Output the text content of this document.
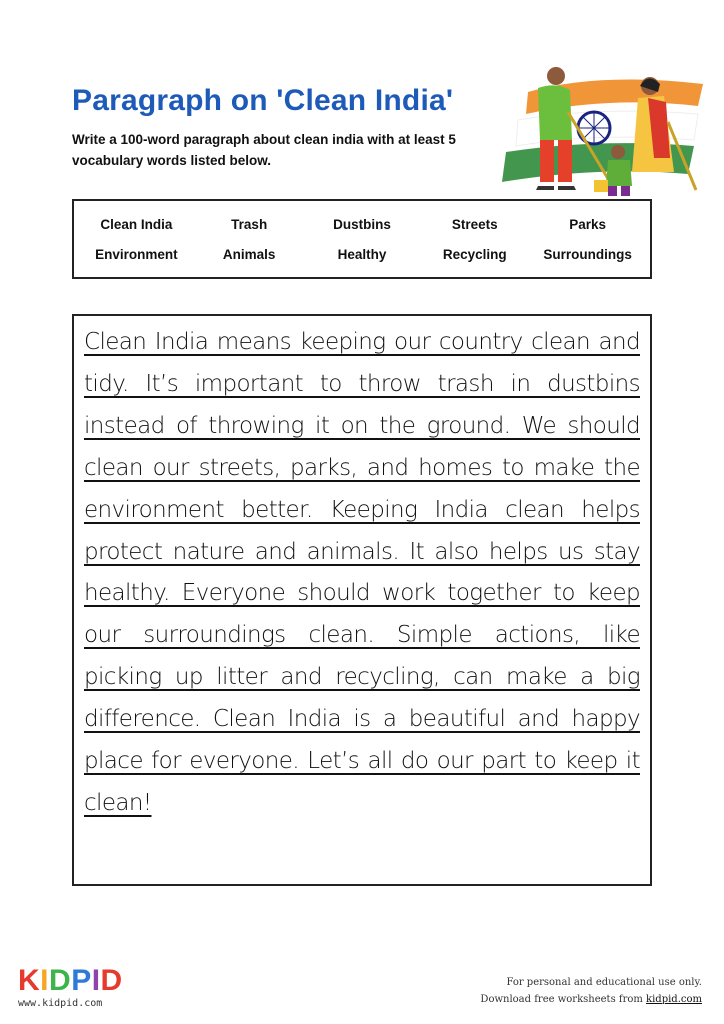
Paragraph on 'Clean India'
Write a 100-word paragraph about clean india with at least 5 vocabulary words listed below.
Clean India	Trash	Dustbins	Streets	Parks
Environment	Animals	Healthy	Recycling	Surroundings

Clean India means keeping our country clean and tidy. It’s important to throw trash in dustbins instead of throwing it on the ground. We should clean our streets, parks, and homes to make the environment better. Keeping India clean helps protect nature and animals. It also helps us stay healthy. Everyone should work together to keep our surroundings clean. Simple actions, like picking up litter and recycling, can make a big difference. Clean India is a beautiful and happy place for everyone. Let’s all do our part to keep it clean!

KIDPID
www.kidpid.com
For personal and educational use only.
Download free worksheets from kidpid.com
